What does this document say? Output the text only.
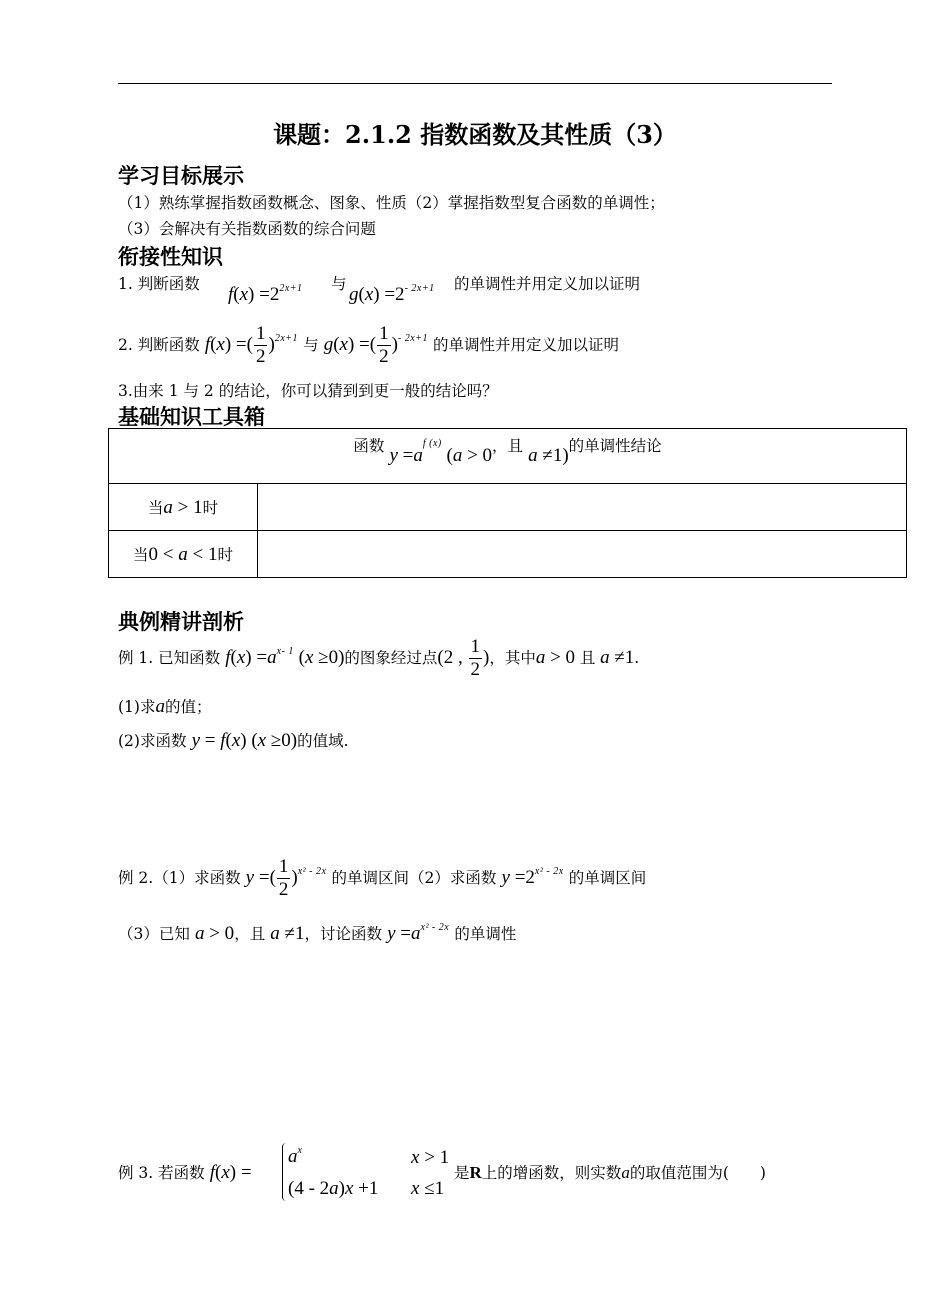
课题：2.1.2 指数函数及其性质（3）
学习目标展示
（1）熟练掌握指数函数概念、图象、性质（2）掌握指数型复合函数的单调性；
（3）会解决有关指数函数的综合问题
衔接性知识
1. 判断函数 $f(x) =2^{2x+1}$ 与 $g(x) =2^{- 2x+1}$ 的单调性并用定义加以证明
2. 判断函数 f(x) =( $\frac{1}{2} )^{2x+1}$ 与 g(x) =( $\frac{1}{2} )^{- 2x+1}$ 的单调性并用定义加以证明
3.由来 1 与 2 的结论，你可以猜到到更一般的结论吗？
基础知识工具箱
函数 $y =a^{f (x)}$ (a > 0，且 a ≠1)的单调性结论	
当a > 1时	
当0 < a < 1时	
典例精讲剖析
例 1. 已知函数 $f(x) =a^{x- 1}$ (x ≥0)的图象经过点(2 , $\frac{1}{2}$ )，其中a > 0 且 a ≠1.
(1)求a的值；
(2)求函数 y = f(x) (x ≥0)的值域.
例 2.（1）求函数 y =( $\frac{1}{2} )^{x^2 - 2x}$ 的单调区间（2）求函数 $y =2^{x^2 - 2x}$ 的单调区间
（3）已知 a > 0，且 a ≠1，讨论函数 $y =a^{x^2 - 2x}$ 的单调性
例 3. 若函数 f(x) =
$a^x$	x > 1
(4 - 2a)x +1 x ≤1
是R上的增函数，则实数a的取值范围为(　　)
